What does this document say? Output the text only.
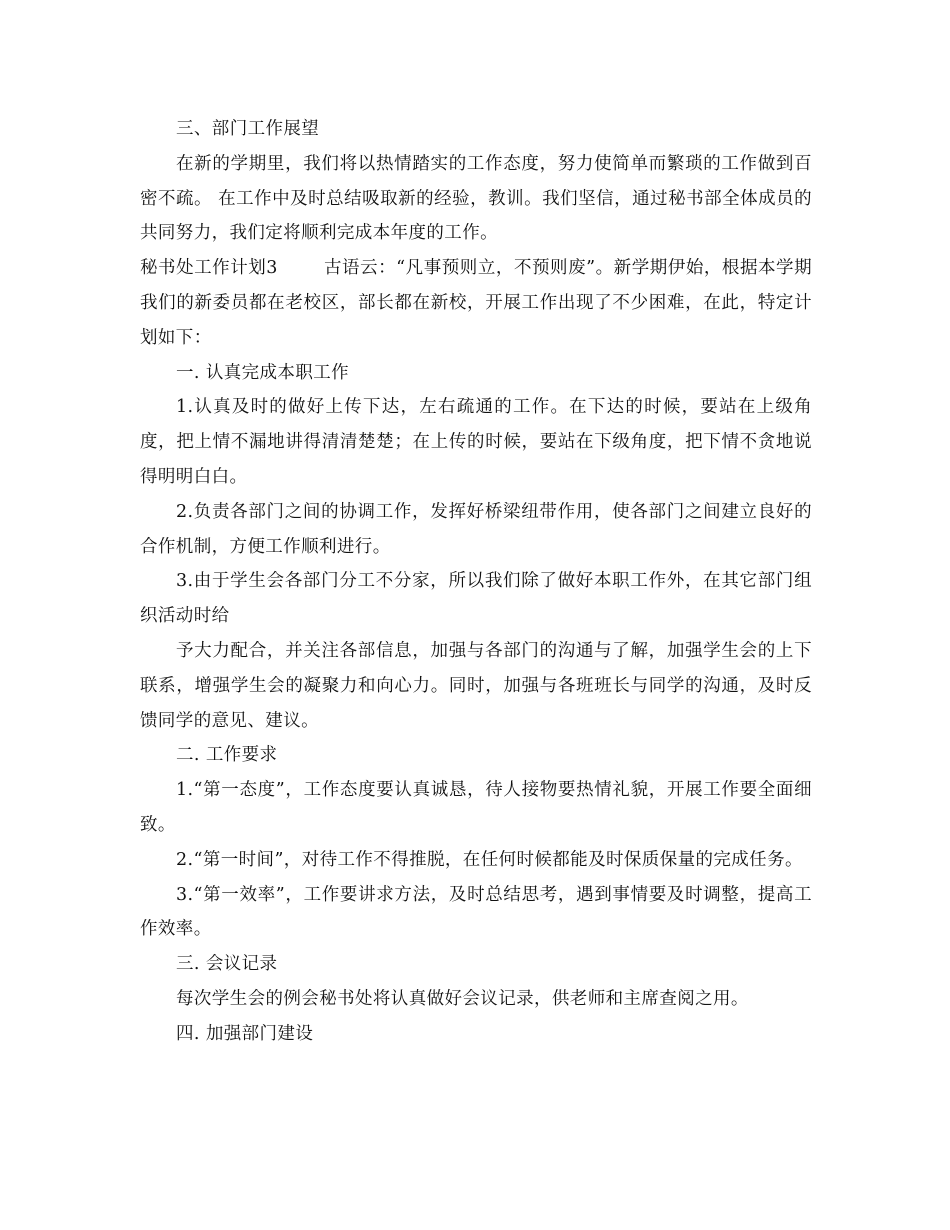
三、部门工作展望

在新的学期里，我们将以热情踏实的工作态度，努力使简单而繁琐的工作做到百密不疏。 在工作中及时总结吸取新的经验，教训。我们坚信，通过秘书部全体成员的共同努力，我们定将顺利完成本年度的工作。

秘书处工作计划3	古语云：“凡事预则立，不预则废”。新学期伊始，根据本学期我们的新委员都在老校区，部长都在新校，开展工作出现了不少困难，在此，特定计划如下：

一. 认真完成本职工作

1.认真及时的做好上传下达，左右疏通的工作。在下达的时候，要站在上级角度，把上情不漏地讲得清清楚楚；在上传的时候，要站在下级角度，把下情不贪地说得明明白白。

2.负责各部门之间的协调工作，发挥好桥梁纽带作用，使各部门之间建立良好的合作机制，方便工作顺利进行。

3.由于学生会各部门分工不分家，所以我们除了做好本职工作外，在其它部门组织活动时给

予大力配合，并关注各部信息，加强与各部门的沟通与了解，加强学生会的上下联系，增强学生会的凝聚力和向心力。同时，加强与各班班长与同学的沟通，及时反馈同学的意见、建议。

二. 工作要求

1.“第一态度”，工作态度要认真诚恳，待人接物要热情礼貌，开展工作要全面细致。

2.“第一时间”，对待工作不得推脱，在任何时候都能及时保质保量的完成任务。

3.“第一效率”，工作要讲求方法，及时总结思考，遇到事情要及时调整，提高工作效率。

三. 会议记录

每次学生会的例会秘书处将认真做好会议记录，供老师和主席查阅之用。

四. 加强部门建设
